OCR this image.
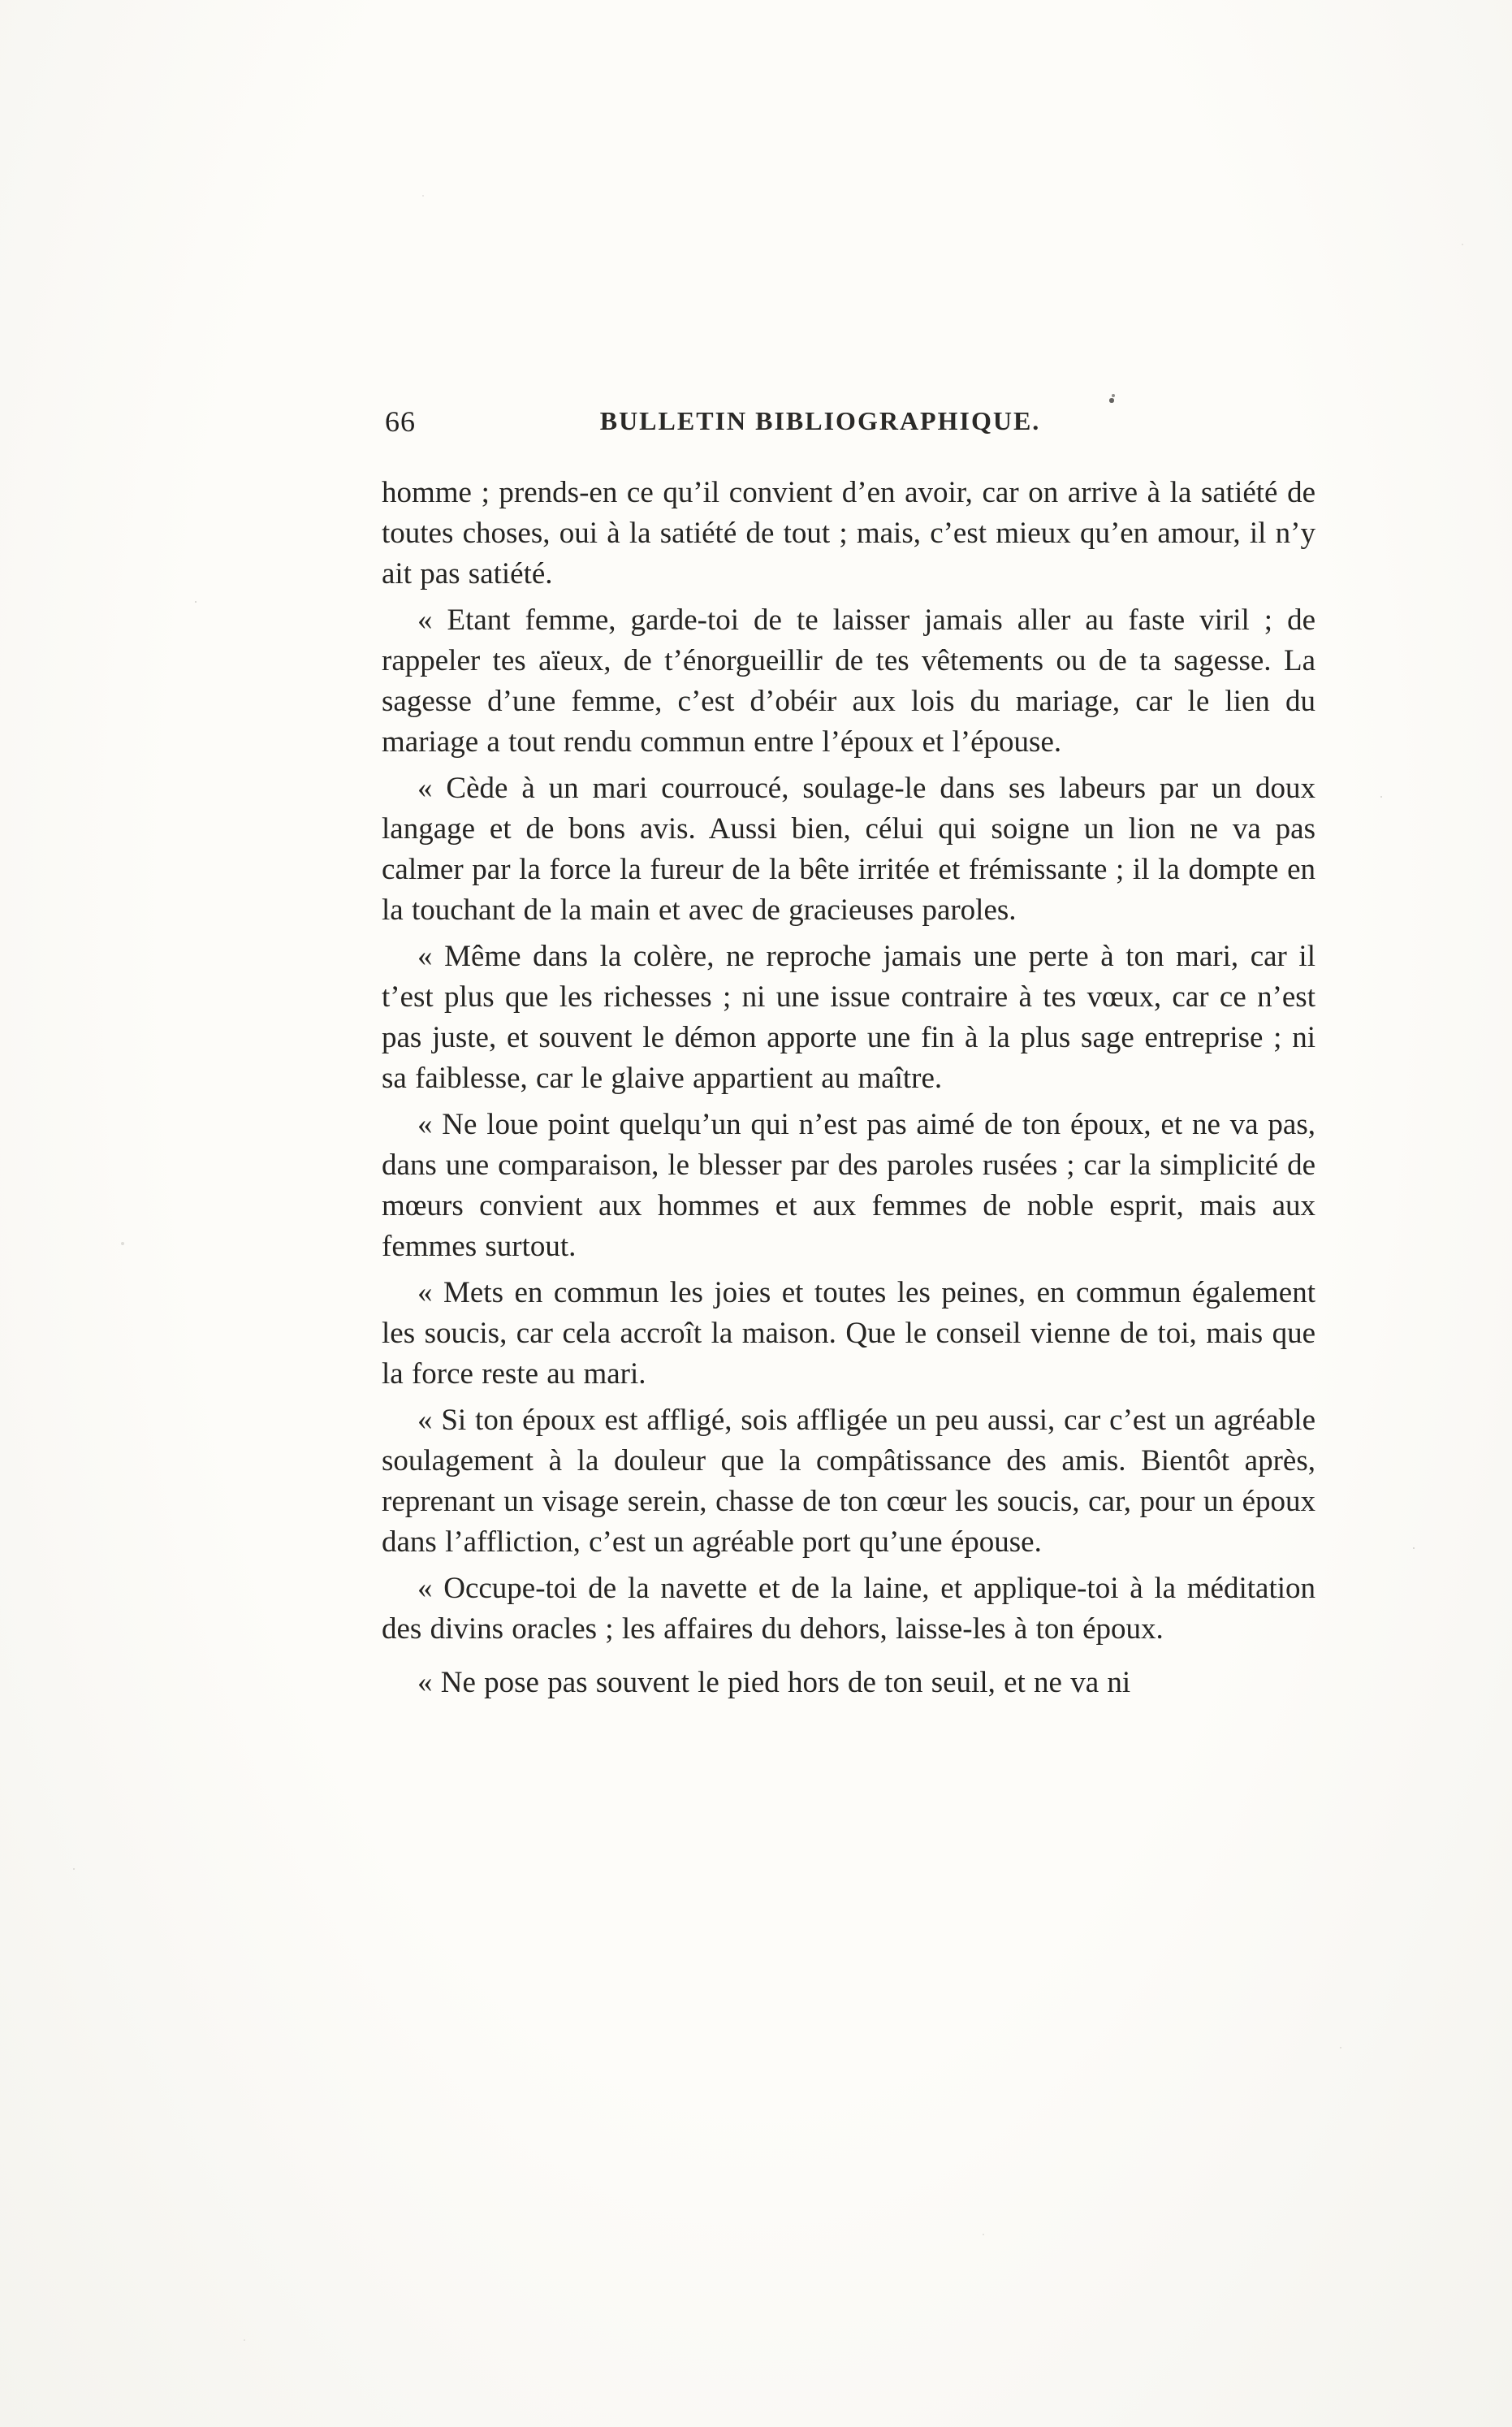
66	BULLETIN BIBLIOGRAPHIQUE.

homme ; prends-en ce qu’il convient d’en avoir, car on arrive à la satiété de toutes choses, oui à la satiété de tout ; mais, c’est mieux qu’en amour, il n’y ait pas satiété.

« Etant femme, garde-toi de te laisser jamais aller au faste viril ; de rappeler tes aïeux, de t’énorgueillir de tes vêtements ou de ta sagesse. La sagesse d’une femme, c’est d’obéir aux lois du mariage, car le lien du mariage a tout rendu commun entre l’époux et l’épouse.

« Cède à un mari courroucé, soulage-le dans ses labeurs par un doux langage et de bons avis. Aussi bien, célui qui soigne un lion ne va pas calmer par la force la fureur de la bête irritée et frémissante ; il la dompte en la touchant de la main et avec de gracieuses paroles.

« Même dans la colère, ne reproche jamais une perte à ton mari, car il t’est plus que les richesses ; ni une issue contraire à tes vœux, car ce n’est pas juste, et souvent le démon apporte une fin à la plus sage entreprise ; ni sa faiblesse, car le glaive appartient au maître.

« Ne loue point quelqu’un qui n’est pas aimé de ton époux, et ne va pas, dans une comparaison, le blesser par des paroles rusées ; car la simplicité de mœurs convient aux hommes et aux femmes de noble esprit, mais aux femmes surtout.

« Mets en commun les joies et toutes les peines, en commun également les soucis, car cela accroît la maison. Que le conseil vienne de toi, mais que la force reste au mari.

« Si ton époux est affligé, sois affligée un peu aussi, car c’est un agréable soulagement à la douleur que la compâtissance des amis. Bientôt après, reprenant un visage serein, chasse de ton cœur les soucis, car, pour un époux dans l’affliction, c’est un agréable port qu’une épouse.

« Occupe-toi de la navette et de la laine, et applique-toi à la méditation des divins oracles ; les affaires du dehors, laisse-les à ton époux.

« Ne pose pas souvent le pied hors de ton seuil, et ne va ni
